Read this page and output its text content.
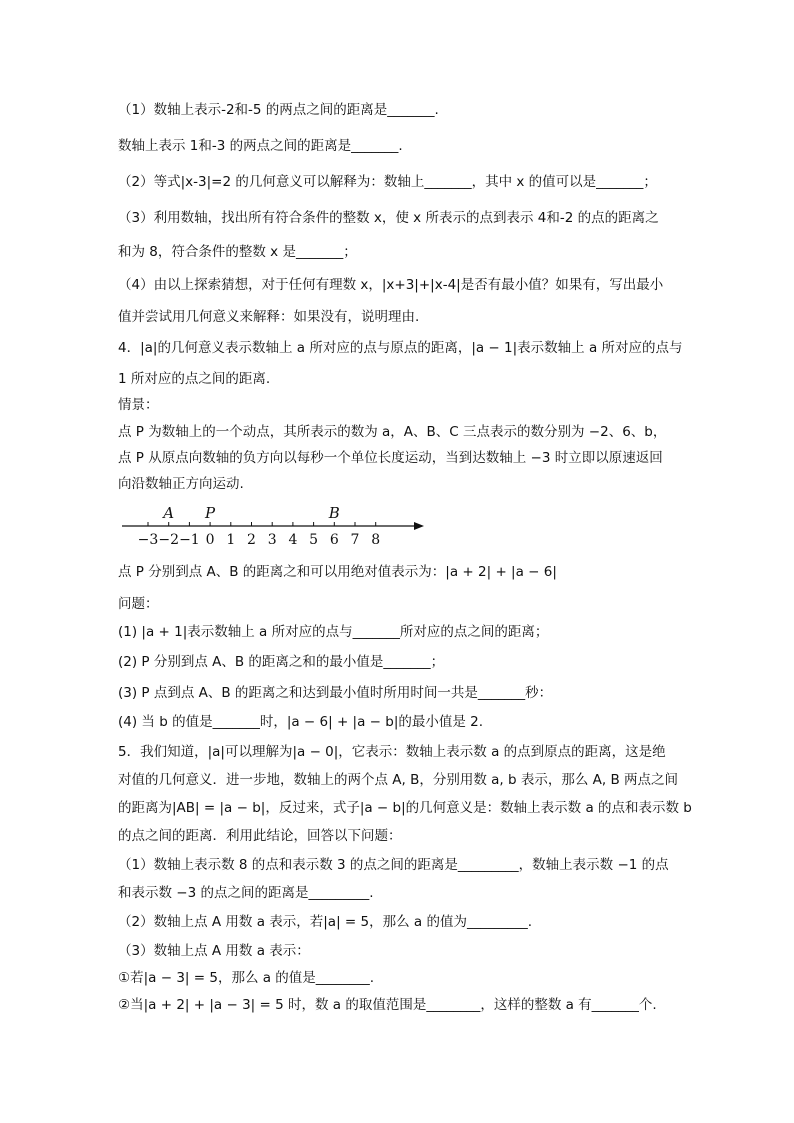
（1）数轴上表示-2和-5 的两点之间的距离是_______.
数轴上表示 1和-3 的两点之间的距离是_______.
（2）等式|x-3|=2 的几何意义可以解释为：数轴上_______，其中 x 的值可以是_______；
（3）利用数轴，找出所有符合条件的整数 x，使 x 所表示的点到表示 4和-2 的点的距离之
和为 8，符合条件的整数 x 是_______；
（4）由以上探索猜想，对于任何有理数 x，|x+3|+|x-4|是否有最小值？如果有，写出最小
值并尝试用几何意义来解释：如果没有，说明理由.
4．|a|的几何意义表示数轴上 a 所对应的点与原点的距离，|a − 1|表示数轴上 a 所对应的点与
1 所对应的点之间的距离.
情景：
点 P 为数轴上的一个动点，其所表示的数为 a，A、B、C 三点表示的数分别为 −2、6、b，
点 P 从原点向数轴的负方向以每秒一个单位长度运动，当到达数轴上 −3 时立即以原速返回
向沿数轴正方向运动.
−3 −2 −1 0 1 2 3 4 5 6 7 8
A P	B
点 P 分别到点 A、B 的距离之和可以用绝对值表示为：|a + 2| + |a − 6|
问题：
(1) |a + 1|表示数轴上 a 所对应的点与_______所对应的点之间的距离；
(2) P 分别到点 A、B 的距离之和的最小值是_______；
(3) P 点到点 A、B 的距离之和达到最小值时所用时间一共是_______秒：
(4) 当 b 的值是_______时，|a − 6| + |a − b|的最小值是 2.
5．我们知道，|a|可以理解为|a − 0|，它表示：数轴上表示数 a 的点到原点的距离，这是绝
对值的几何意义．进一步地，数轴上的两个点 A, B，分别用数 a, b 表示，那么 A, B 两点之间
的距离为|AB| = |a − b|，反过来，式子|a − b|的几何意义是：数轴上表示数 a 的点和表示数 b
的点之间的距离．利用此结论，回答以下问题：
（1）数轴上表示数 8 的点和表示数 3 的点之间的距离是_________，数轴上表示数 −1 的点
和表示数 −3 的点之间的距离是_________.
（2）数轴上点 A 用数 a 表示，若|a| = 5，那么 a 的值为_________.
（3）数轴上点 A 用数 a 表示：
①若|a − 3| = 5，那么 a 的值是________.
②当|a + 2| + |a − 3| = 5 时，数 a 的取值范围是________，这样的整数 a 有_______个.
